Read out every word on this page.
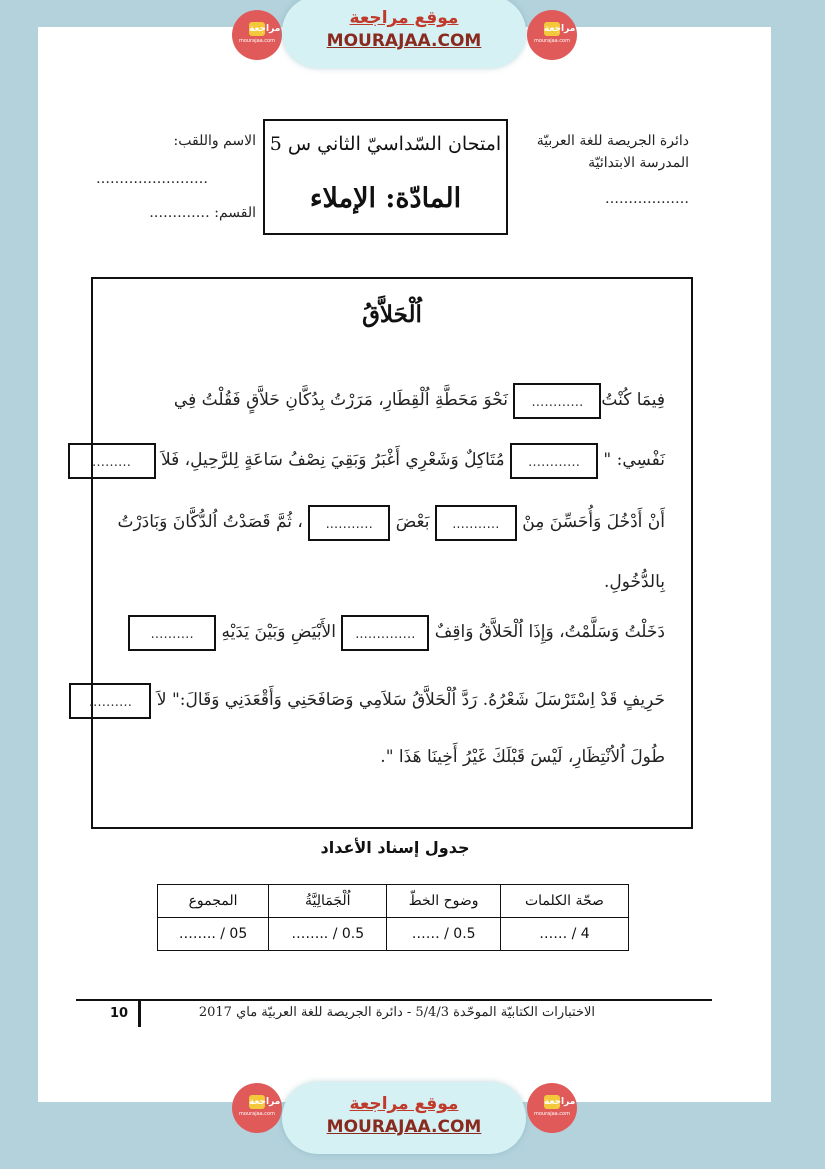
مراجعة
mourajaa.com
موقع مراجعة
MOURAJAA.COM
مراجعة
mourajaa.com
دائرة الجريصة للغة العربيّة
المدرسة الابتدائيّة
………………
امتحان السّداسيّ الثاني س 5
المادّة: الإملاء
الاسم واللقب:
……………………
القسم: ………….
اُلْحَلاَّقُ
فِيمَا كُنْتُ………… نَحْوَ مَحَطَّةِ اُلْقِطَارِ، مَرَرْتُ بِدُكَّانِ حَلاَّقٍ فَقُلْتُ فِي
نَفْسِي: " ………… مُتَاكِلٌ وَشَعْرِي أَغْبَرُ وَبَقِيَ نِصْفُ سَاعَةٍ لِلرَّحِيلِ، فَلاَ ………
أَنْ أَدْخُلَ وَأُحَسِّنَ مِنْ ……….. بَعْضَ ……….. ، ثُمَّ قَصَدْتُ اُلدُّكَّانَ وَبَادَرْتُ
بِالدُّخُولِ.
دَخَلْتُ وَسَلَّمْتُ، وَإِذَا اُلْحَلاَّقُ وَاقِفٌ ………….. الأَبْيَضِ وَبَيْنَ يَدَيْهِ ……….
حَرِيفٍ قَدْ اِسْتَرْسَلَ شَعْرُهُ. رَدَّ اُلْحَلاَّقُ سَلاَمِي وَصَافَحَنِي وَأَقْعَدَنِي وَقَالَ:" لاَ ……….
طُولَ اُلاُنْتِظَارِ، لَيْسَ قَبْلَكَ غَيْرُ أَخِينَا هَذَا ".
جدول إسناد الأعداد
صحّة الكلمات	وضوح الخطّ	اُلْجَمَالِيَّةُ	المجموع
…… / 4	…… / 0.5	…….. / 0.5	…….. / 05
10	الاختبارات الكتابيّة الموحّدة 5/4/3 - دائرة الجريصة للغة العربيّة ماي 2017
مراجعة
mourajaa.com	موقع مراجعة
MOURAJAA.COM
مراجعة
mourajaa.com
